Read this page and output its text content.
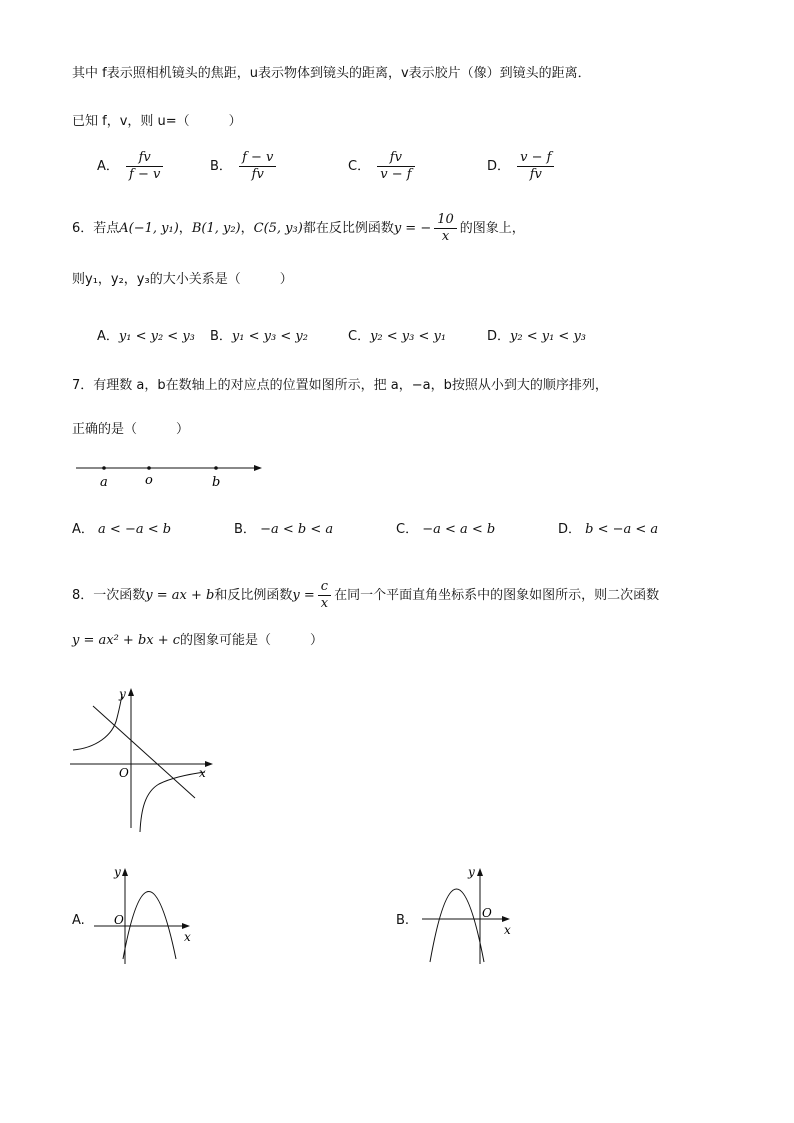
其中 f表示照相机镜头的焦距，u表示物体到镜头的距离，v表示胶片（像）到镜头的距离．
已知 f，v，则 u=（　　　）
A． $\frac{fv}{f - v}$	B． $\frac{f - v}{fv}$	C． $\frac{fv}{v - f}$	D． $\frac{v - f}{fv}$
6．若点A(−1, y₁)，B(1, y₂)，C(5, y₃)都在反比例函数y = − $\frac{10}{x}$ 的图象上，
则y₁，y₂，y₃的大小关系是（　　　）
A．y₁ < y₂ < y₃ B．y₁ < y₃ < y₂	C．y₂ < y₃ < y₁	D．y₂ < y₁ < y₃
7．有理数 a，b在数轴上的对应点的位置如图所示，把 a，−a，b按照从小到大的顺序排列，
正确的是（　　　）
a	o	b
A． a < −a < b	B． −a < b < a	C． −a < a < b	D． b < −a < a
8．一次函数y = ax + b和反比例函数$y = \frac{c}{x}$ 在同一个平面直角坐标系中的图象如图所示，则二次函数
y = ax² + bx + c的图象可能是（　　　）
y
x
O
A.
y
x
O	B.
y
x
O
